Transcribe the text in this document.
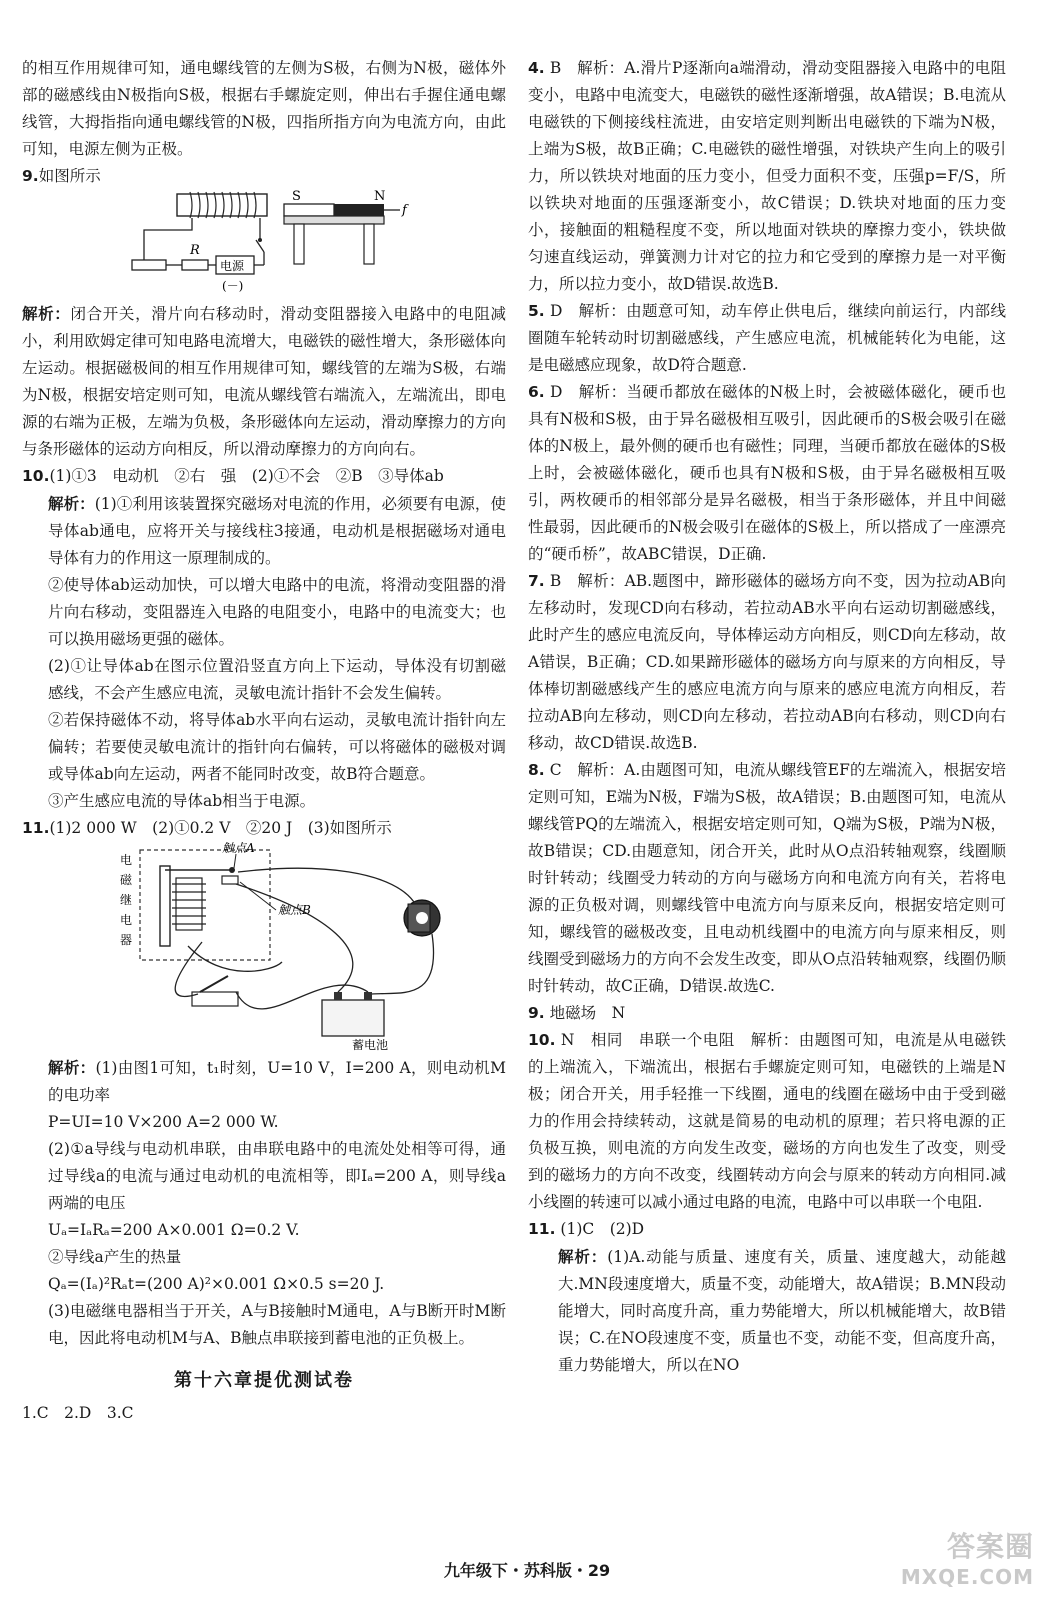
的相互作用规律可知，通电螺线管的左侧为S极，右侧为N极，磁体外部的磁感线由N极指向S极，根据右手螺旋定则，伸出右手握住通电螺线管，大拇指指向通电螺线管的N极，四指所指方向为电流方向，由此可知，电源左侧为正极。

9.如图所示

R
电源
(－)
S	N
f

解析：闭合开关，滑片向右移动时，滑动变阻器接入电路中的电阻减小，利用欧姆定律可知电路电流增大，电磁铁的磁性增大，条形磁体向左运动。根据磁极间的相互作用规律可知，螺线管的左端为S极，右端为N极，根据安培定则可知，电流从螺线管右端流入，左端流出，即电源的右端为正极，左端为负极，条形磁体向左运动，滑动摩擦力的方向与条形磁体的运动方向相反，所以滑动摩擦力的方向向右。

10.(1)①3　电动机　②右　强　(2)①不会　②B　③导体ab

解析：(1)①利用该装置探究磁场对电流的作用，必须要有电源，使导体ab通电，应将开关与接线柱3接通，电动机是根据磁场对通电导体有力的作用这一原理制成的。

②使导体ab运动加快，可以增大电路中的电流，将滑动变阻器的滑片向右移动，变阻器连入电路的电阻变小，电路中的电流变大；也可以换用磁场更强的磁体。

(2)①让导体ab在图示位置沿竖直方向上下运动，导体没有切割磁感线，不会产生感应电流，灵敏电流计指针不会发生偏转。

②若保持磁体不动，将导体ab水平向右运动，灵敏电流计指针向左偏转；若要使灵敏电流计的指针向右偏转，可以将磁体的磁极对调或导体ab向左运动，两者不能同时改变，故B符合题意。

③产生感应电流的导体ab相当于电源。

11.(1)2 000 W　(2)①0.2 V　②20 J　(3)如图所示

电
磁
继
电
器
触点A
触点B
蓄电池

解析：(1)由图1可知，t₁时刻，U=10 V，I=200 A，则电动机M的电功率

P=UI=10 V×200 A=2 000 W.

(2)①a导线与电动机串联，由串联电路中的电流处处相等可得，通过导线a的电流与通过电动机的电流相等，即Iₐ=200 A，则导线a两端的电压

Uₐ=IₐRₐ=200 A×0.001 Ω=0.2 V.

②导线a产生的热量

Qₐ=(Iₐ)²Rₐt=(200 A)²×0.001 Ω×0.5 s=20 J.

(3)电磁继电器相当于开关，A与B接触时M通电，A与B断开时M断电，因此将电动机M与A、B触点串联接到蓄电池的正负极上。

第十六章提优测试卷

1.C　2.D　3.C

4. B　解析：A.滑片P逐渐向a端滑动，滑动变阻器接入电路中的电阻变小，电路中电流变大，电磁铁的磁性逐渐增强，故A错误；B.电流从电磁铁的下侧接线柱流进，由安培定则判断出电磁铁的下端为N极，上端为S极，故B正确；C.电磁铁的磁性增强，对铁块产生向上的吸引力，所以铁块对地面的压力变小，但受力面积不变，压强p=F/S，所以铁块对地面的压强逐渐变小，故C错误；D.铁块对地面的压力变小，接触面的粗糙程度不变，所以地面对铁块的摩擦力变小，铁块做匀速直线运动，弹簧测力计对它的拉力和它受到的摩擦力是一对平衡力，所以拉力变小，故D错误.故选B.

5. D　解析：由题意可知，动车停止供电后，继续向前运行，内部线圈随车轮转动时切割磁感线，产生感应电流，机械能转化为电能，这是电磁感应现象，故D符合题意.

6. D　解析：当硬币都放在磁体的N极上时，会被磁体磁化，硬币也具有N极和S极，由于异名磁极相互吸引，因此硬币的S极会吸引在磁体的N极上，最外侧的硬币也有磁性；同理，当硬币都放在磁体的S极上时，会被磁体磁化，硬币也具有N极和S极，由于异名磁极相互吸引，两枚硬币的相邻部分是异名磁极，相当于条形磁体，并且中间磁性最弱，因此硬币的N极会吸引在磁体的S极上，所以搭成了一座漂亮的“硬币桥”，故ABC错误，D正确.

7. B　解析：AB.题图中，蹄形磁体的磁场方向不变，因为拉动AB向左移动时，发现CD向右移动，若拉动AB水平向右运动切割磁感线，此时产生的感应电流反向，导体棒运动方向相反，则CD向左移动，故A错误，B正确；CD.如果蹄形磁体的磁场方向与原来的方向相反，导体棒切割磁感线产生的感应电流方向与原来的感应电流方向相反，若拉动AB向左移动，则CD向左移动，若拉动AB向右移动，则CD向右移动，故CD错误.故选B.

8. C　解析：A.由题图可知，电流从螺线管EF的左端流入，根据安培定则可知，E端为N极，F端为S极，故A错误；B.由题图可知，电流从螺线管PQ的左端流入，根据安培定则可知，Q端为S极，P端为N极，故B错误；CD.由题意知，闭合开关，此时从O点沿转轴观察，线圈顺时针转动；线圈受力转动的方向与磁场方向和电流方向有关，若将电源的正负极对调，则螺线管中电流方向与原来反向，根据安培定则可知，螺线管的磁极改变，且电动机线圈中的电流方向与原来相反，则线圈受到磁场力的方向不会发生改变，即从O点沿转轴观察，线圈仍顺时针转动，故C正确，D错误.故选C.

9. 地磁场　N

10. N　相同　串联一个电阻　解析：由题图可知，电流是从电磁铁的上端流入，下端流出，根据右手螺旋定则可知，电磁铁的上端是N极；闭合开关，用手轻推一下线圈，通电的线圈在磁场中由于受到磁力的作用会持续转动，这就是简易的电动机的原理；若只将电源的正负极互换，则电流的方向发生改变，磁场的方向也发生了改变，则受到的磁场力的方向不改变，线圈转动方向会与原来的转动方向相同.减小线圈的转速可以减小通过电路的电流，电路中可以串联一个电阻.

11. (1)C　(2)D

解析：(1)A.动能与质量、速度有关，质量、速度越大，动能越大.MN段速度增大，质量不变，动能增大，故A错误；B.MN段动能增大，同时高度升高，重力势能增大，所以机械能增大，故B错误；C.在NO段速度不变，质量也不变，动能不变，但高度升高，重力势能增大，所以在NO

九年级下・苏科版・29
答案圈
MXQE.COM
